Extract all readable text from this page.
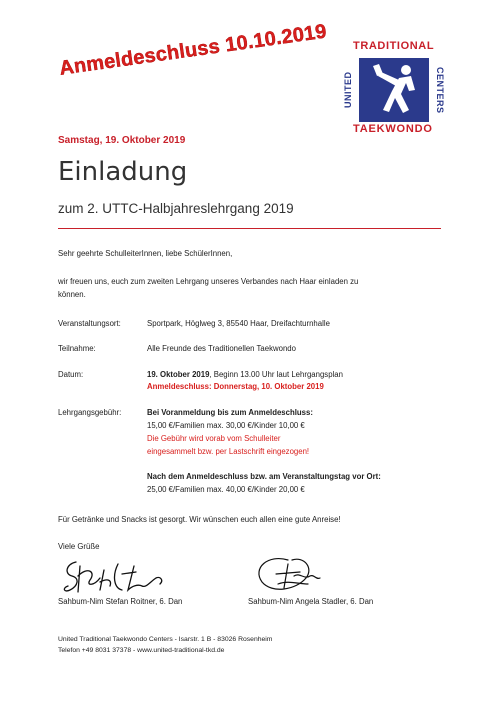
Anmeldeschluss 10.10.2019 TRADITIONAL
UNITED	CENTERS
TAEKWONDO
Samstag, 19. Oktober 2019
Einladung
zum 2. UTTC-Halbjahreslehrgang 2019
Sehr geehrte SchulleiterInnen, liebe SchülerInnen,
wir freuen uns, euch zum zweiten Lehrgang unseres Verbandes nach Haar einladen zu
können.
Veranstaltungsort:	Sportpark, Höglweg 3, 85540 Haar, Dreifachturnhalle
Teilnahme:	Alle Freunde des Traditionellen Taekwondo
Datum:	19. Oktober 2019, Beginn 13.00 Uhr laut Lehrgangsplan
Anmeldeschluss: Donnerstag, 10. Oktober 2019
Lehrgangsgebühr:	Bei Voranmeldung bis zum Anmeldeschluss:
15,00 €/Familien max. 30,00 €/Kinder 10,00 €
Die Gebühr wird vorab vom Schulleiter
eingesammelt bzw. per Lastschrift eingezogen!
Nach dem Anmeldeschluss bzw. am Veranstaltungstag vor Ort:
25,00 €/Familien max. 40,00 €/Kinder 20,00 €
Für Getränke und Snacks ist gesorgt. Wir wünschen euch allen eine gute Anreise!
Viele Grüße
Sahbum-Nim Stefan Roitner, 6. Dan	Sahbum-Nim Angela Stadler, 6. Dan
United Traditional Taekwondo Centers - Isarstr. 1 B - 83026 Rosenheim
Telefon +49 8031 37378 - www.united-traditional-tkd.de
